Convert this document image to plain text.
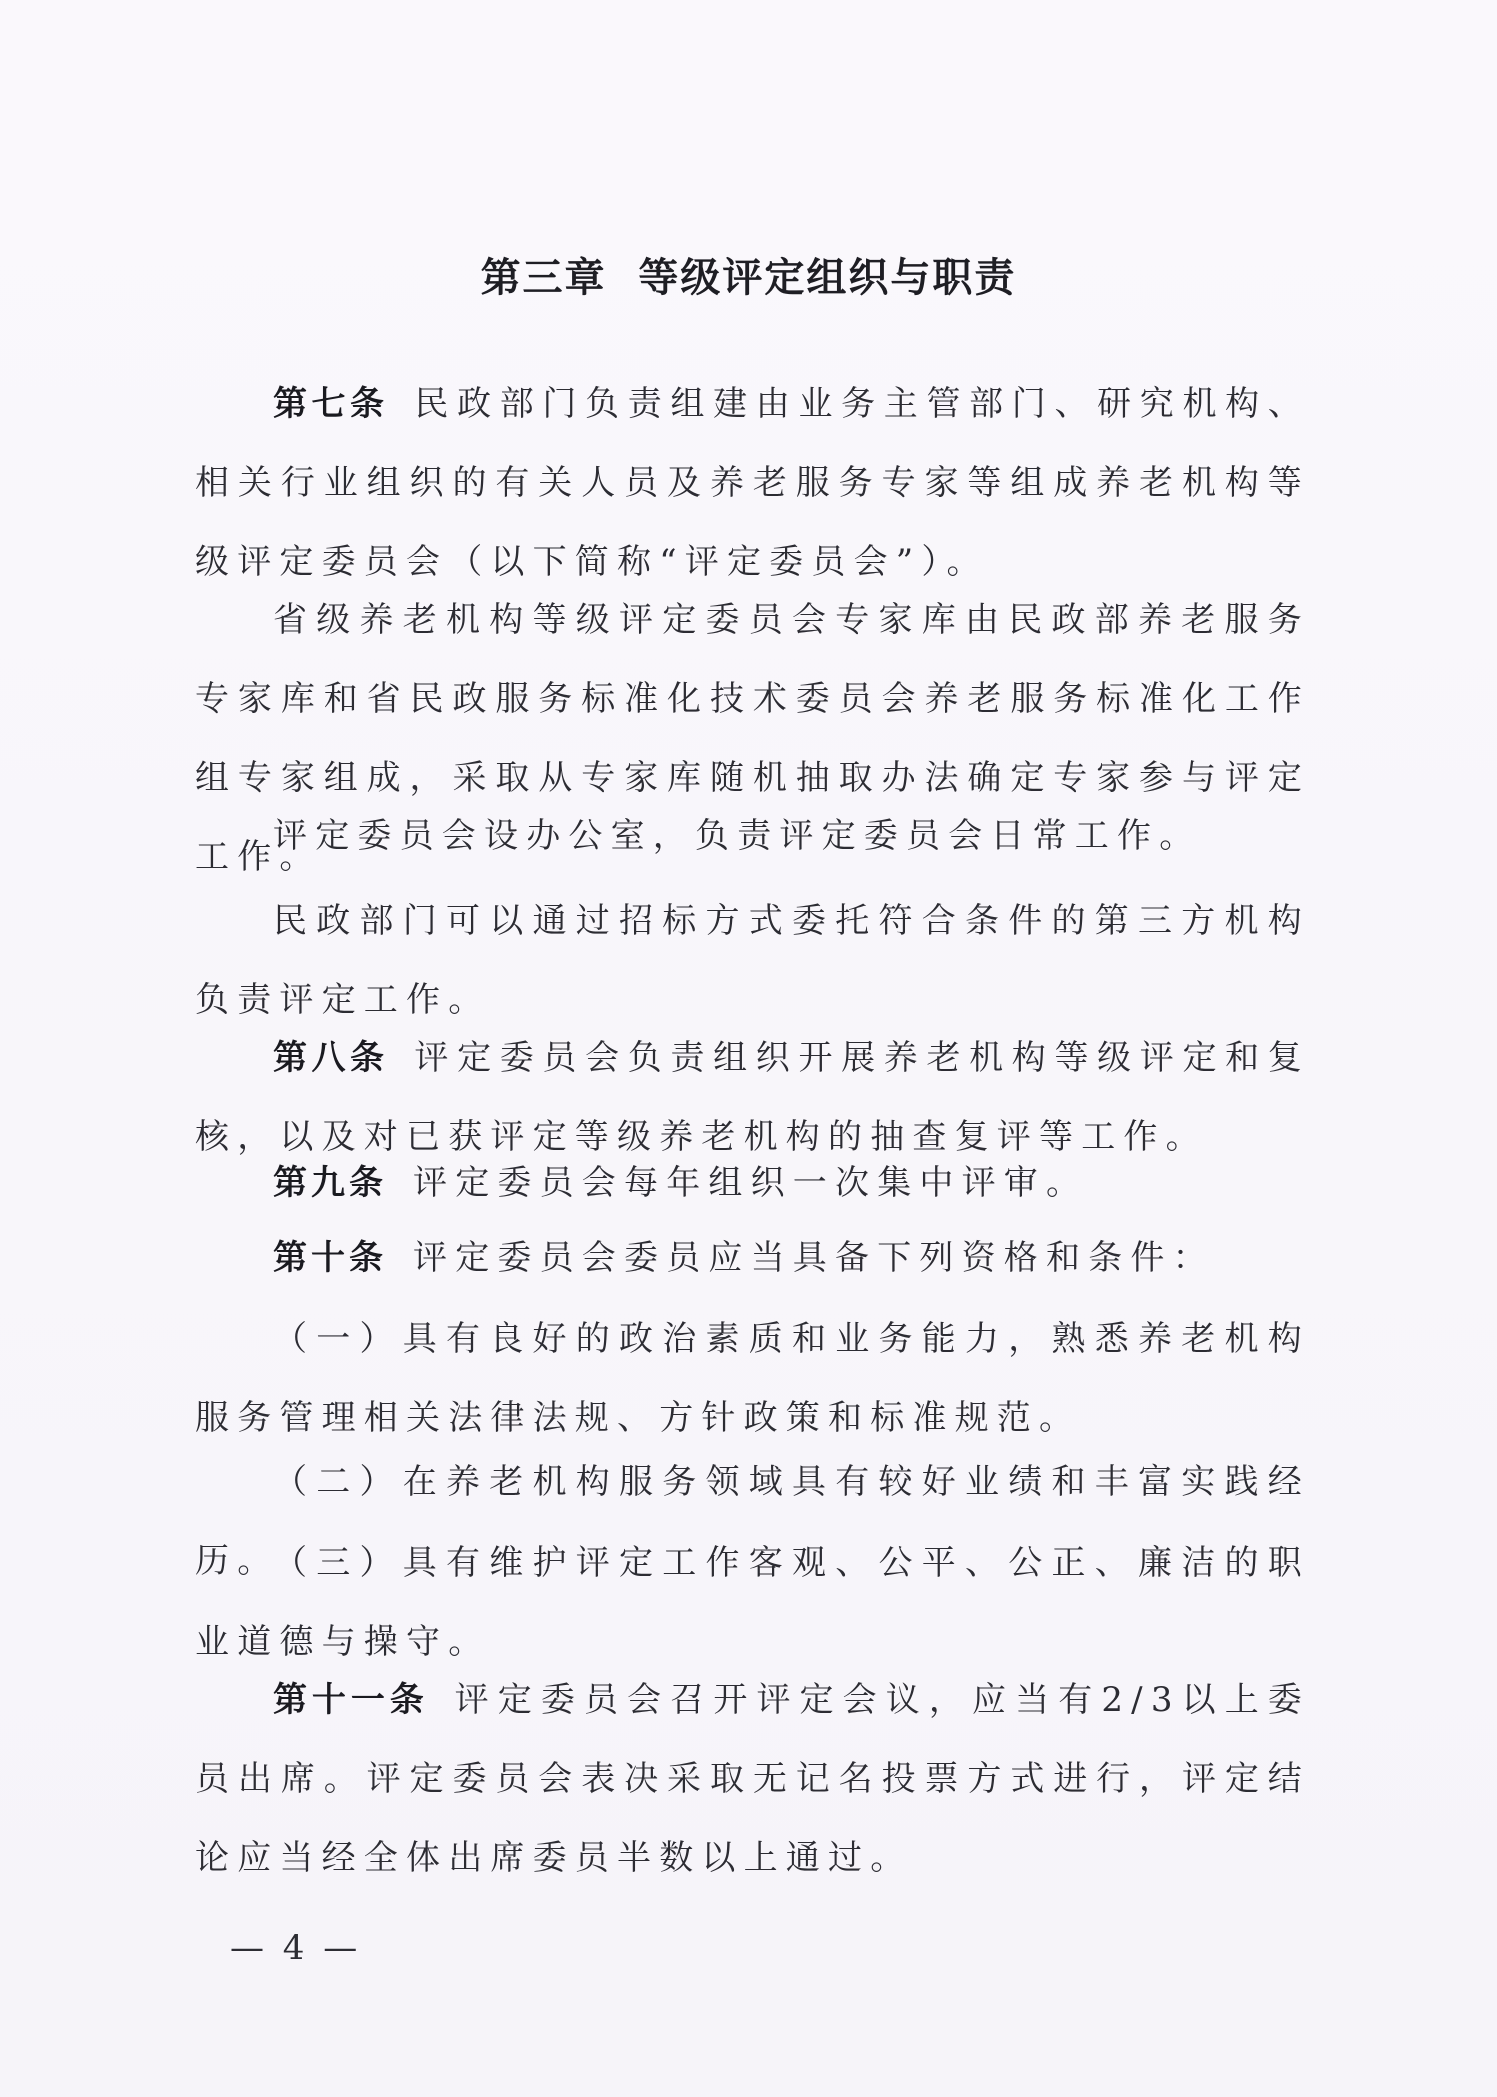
第三章  等级评定组织与职责
第七条 民政部门负责组建由业务主管部门、研究机构、相关行业组织的有关人员及养老服务专家等组成养老机构等级评定委员会（以下简称“评定委员会”）。
省级养老机构等级评定委员会专家库由民政部养老服务专家库和省民政服务标准化技术委员会养老服务标准化工作组专家组成，采取从专家库随机抽取办法确定专家参与评定工作。
评定委员会设办公室，负责评定委员会日常工作。
民政部门可以通过招标方式委托符合条件的第三方机构负责评定工作。
第八条 评定委员会负责组织开展养老机构等级评定和复核，以及对已获评定等级养老机构的抽查复评等工作。
第九条 评定委员会每年组织一次集中评审。
第十条 评定委员会委员应当具备下列资格和条件：
（一）具有良好的政治素质和业务能力，熟悉养老机构服务管理相关法律法规、方针政策和标准规范。
（二）在养老机构服务领域具有较好业绩和丰富实践经历。
（三）具有维护评定工作客观、公平、公正、廉洁的职业道德与操守。
第十一条 评定委员会召开评定会议，应当有2/3以上委员出席。评定委员会表决采取无记名投票方式进行，评定结论应当经全体出席委员半数以上通过。
— 4 —
